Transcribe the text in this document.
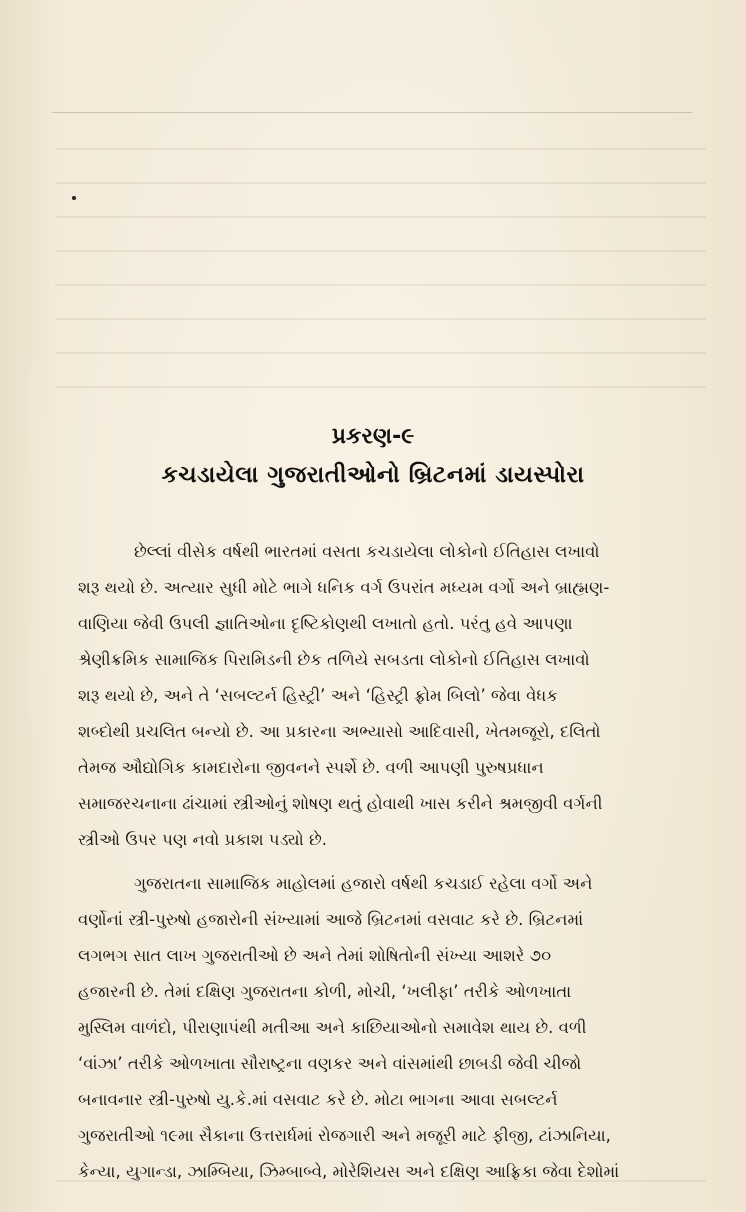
પ્રકરણ-૯
કચડાયેલા ગુજરાતીઓનો બ્રિટનમાં ડાયસ્પોરા
છેલ્લાં વીસેક વર્ષથી ભારતમાં વસતા કચડાયેલા લોકોનો ઈતિહાસ લખાવો
શરૂ થયો છે. અત્યાર સુધી મોટે ભાગે ધનિક વર્ગ ઉપરાંત મધ્યમ વર્ગો અને બ્રાહ્મણ-
વાણિયા જેવી ઉપલી જ્ઞાતિઓના દૃષ્ટિકોણથી લખાતો હતો. પરંતુ હવે આપણા
શ્રેણીક્રમિક સામાજિક પિરામિડની છેક તળિયે સબડતા લોકોનો ઈતિહાસ લખાવો
શરૂ થયો છે, અને તે ‘સબલ્ટર્ન હિસ્ટ્રી’ અને ‘હિસ્ટ્રી ફ્રોમ બિલો’ જેવા વેધક
શબ્દોથી પ્રચલિત બન્યો છે. આ પ્રકારના અભ્યાસો આદિવાસી, ખેતમજૂરો, દલિતો
તેમજ ઔદ્યોગિક કામદારોના જીવનને સ્પર્શે છે. વળી આપણી પુરુષપ્રધાન
સમાજરચનાના ઢાંચામાં સ્ત્રીઓનું શોષણ થતું હોવાથી ખાસ કરીને શ્રમજીવી વર્ગની
સ્ત્રીઓ ઉપર પણ નવો પ્રકાશ પડ્યો છે.
ગુજરાતના સામાજિક માહોલમાં હજારો વર્ષથી કચડાઈ રહેલા વર્ગો અને
વર્ણોનાં સ્ત્રી-પુરુષો હજારોની સંખ્યામાં આજે બ્રિટનમાં વસવાટ કરે છે. બ્રિટનમાં
લગભગ સાત લાખ ગુજરાતીઓ છે અને તેમાં શોષિતોની સંખ્યા આશરે ૭૦
હજારની છે. તેમાં દક્ષિણ ગુજરાતના કોળી, મોચી, ‘ખલીફા’ તરીકે ઓળખાતા
મુસ્લિમ વાળંદો, પીરાણાપંથી મતીઆ અને કાછિયાઓનો સમાવેશ થાય છે. વળી
‘વાંઝા’ તરીકે ઓળખાતા સૌરાષ્ટ્રના વણકર અને વાંસમાંથી છાબડી જેવી ચીજો
બનાવનાર સ્ત્રી-પુરુષો યુ.કે.માં વસવાટ કરે છે. મોટા ભાગના આવા સબલ્ટર્ન
ગુજરાતીઓ ૧૯મા સૈકાના ઉત્તરાર્ધમાં રોજગારી અને મજૂરી માટે ફીજી, ટાંઝાનિયા,
કેન્યા, યુગાન્ડા, ઝામ્બિયા, ઝિમ્બાબ્વે, મોરેશિયસ અને દક્ષિણ આફ્રિકા જેવા દેશોમાં
